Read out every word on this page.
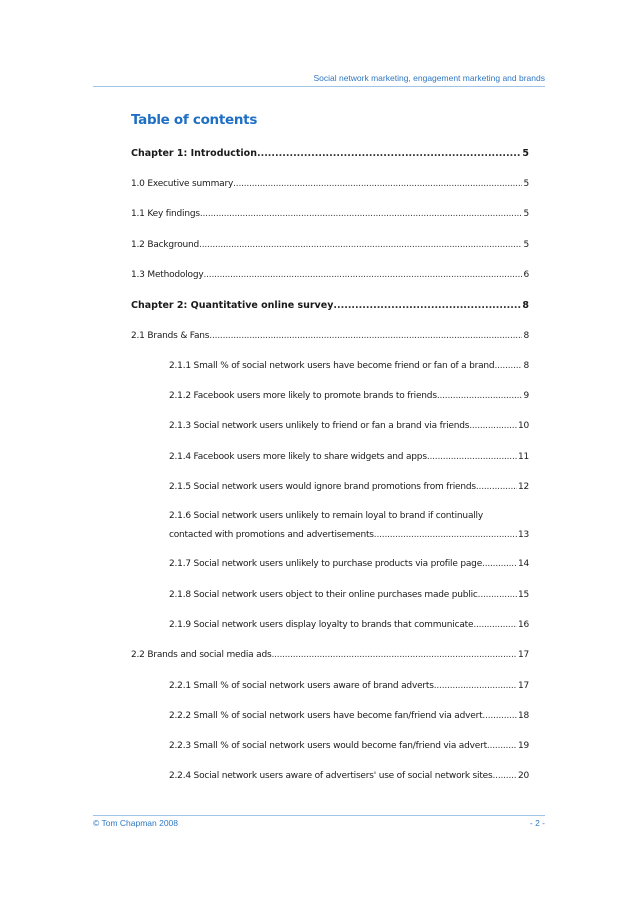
Social network marketing, engagement marketing and brands
Table of contents
Chapter 1: Introduction .....	5
1.0 Executive summary .....	5
1.1 Key findings .....	5
1.2 Background .....	5
1.3 Methodology .....	6
Chapter 2: Quantitative online survey .....	8
2.1 Brands & Fans .....	8
2.1.1 Small % of social network users have become friend or fan of a brand .....	8
2.1.2 Facebook users more likely to promote brands to friends .....	9
2.1.3 Social network users unlikely to friend or fan a brand via friends .....	10
2.1.4 Facebook users more likely to share widgets and apps .....	11
2.1.5 Social network users would ignore brand promotions from friends .....	12
2.1.6 Social network users unlikely to remain loyal to brand if continually
contacted with promotions and advertisements .....	13
2.1.7 Social network users unlikely to purchase products via profile page .....	14
2.1.8 Social network users object to their online purchases made public .....	15
2.1.9 Social network users display loyalty to brands that communicate .....	16
2.2 Brands and social media ads .....	17
2.2.1 Small % of social network users aware of brand adverts .....	17
2.2.2 Small % of social network users have become fan/friend via advert .....	18
2.2.3 Small % of social network users would become fan/friend via advert .....	19
2.2.4 Social network users aware of advertisers' use of social network sites .....	20
© Tom Chapman 2008	- 2 -
